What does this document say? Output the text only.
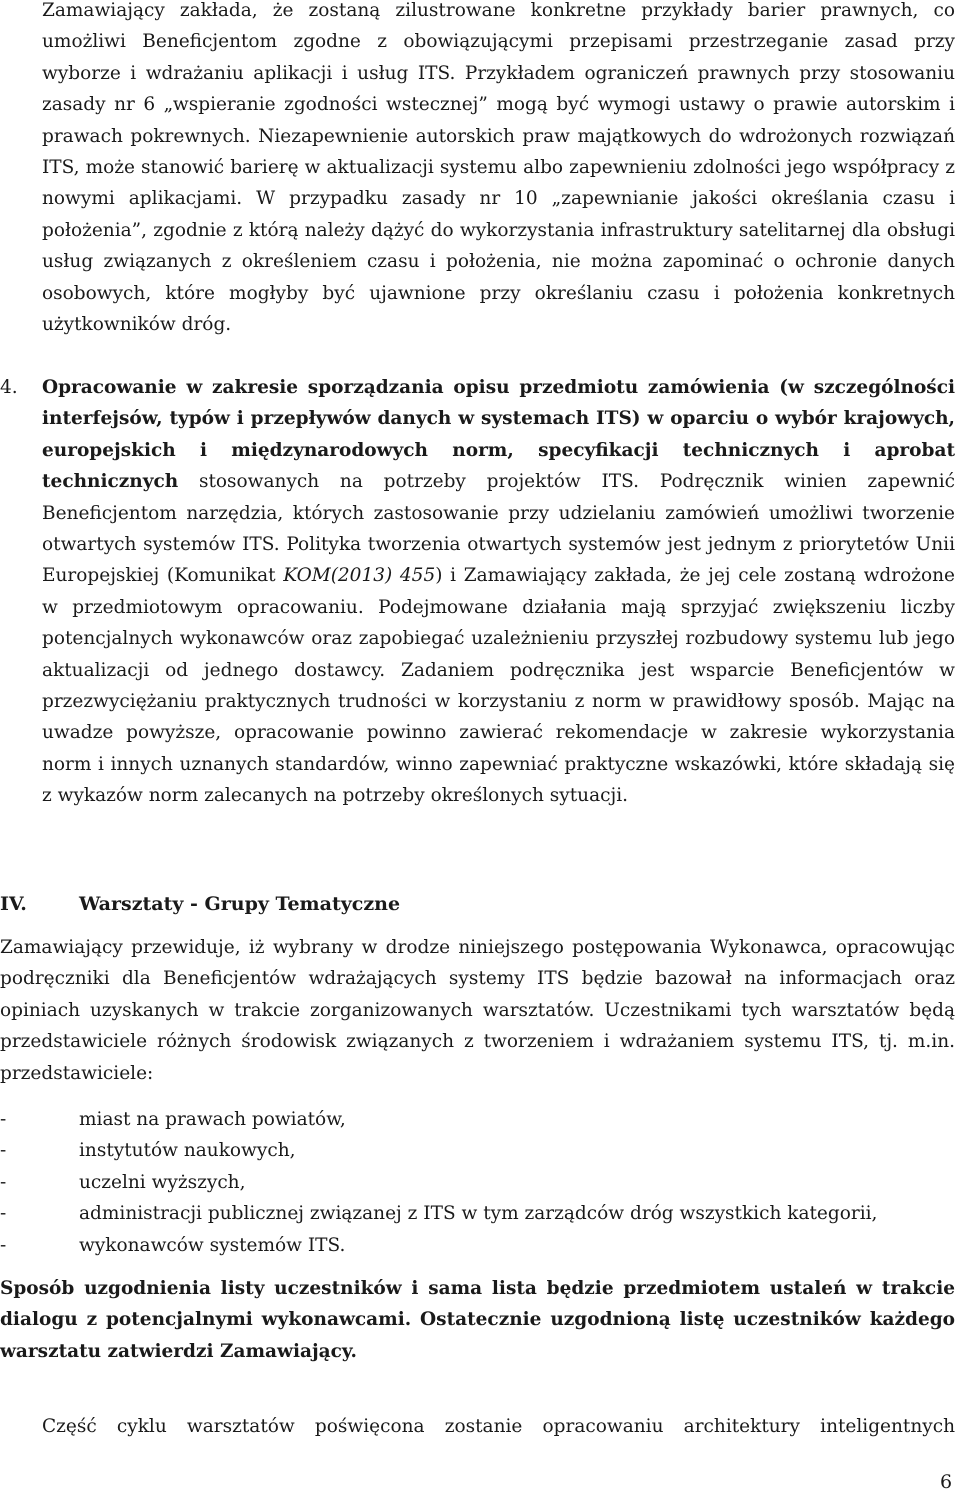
Zamawiający zakłada, że zostaną zilustrowane konkretne przykłady barier prawnych, co umożliwi Beneficjentom zgodne z obowiązującymi przepisami przestrzeganie zasad przy wyborze i wdrażaniu aplikacji i usług ITS. Przykładem ograniczeń prawnych przy stosowaniu zasady nr 6 „wspieranie zgodności wstecznej” mogą być wymogi ustawy o prawie autorskim i prawach pokrewnych. Niezapewnienie autorskich praw majątkowych do wdrożonych rozwiązań ITS, może stanowić barierę w aktualizacji systemu albo zapewnieniu zdolności jego współpracy z nowymi aplikacjami. W przypadku zasady nr 10 „zapewnianie jakości określania czasu i położenia”, zgodnie z którą należy dążyć do wykorzystania infrastruktury satelitarnej dla obsługi usług związanych z określeniem czasu i położenia, nie można zapominać o ochronie danych osobowych, które mogłyby być ujawnione przy określaniu czasu i położenia konkretnych użytkowników dróg.

4. Opracowanie w zakresie sporządzania opisu przedmiotu zamówienia (w szczególności interfejsów, typów i przepływów danych w systemach ITS) w oparciu o wybór krajowych, europejskich i międzynarodowych norm, specyfikacji technicznych i aprobat technicznych stosowanych na potrzeby projektów ITS. Podręcznik winien zapewnić Beneficjentom narzędzia, których zastosowanie przy udzielaniu zamówień umożliwi tworzenie otwartych systemów ITS. Polityka tworzenia otwartych systemów jest jednym z priorytetów Unii Europejskiej (Komunikat KOM(2013) 455) i Zamawiający zakłada, że jej cele zostaną wdrożone w przedmiotowym opracowaniu. Podejmowane działania mają sprzyjać zwiększeniu liczby potencjalnych wykonawców oraz zapobiegać uzależnieniu przyszłej rozbudowy systemu lub jego aktualizacji od jednego dostawcy. Zadaniem podręcznika jest wsparcie Beneficjentów w przezwyciężaniu praktycznych trudności w korzystaniu z norm w prawidłowy sposób. Mając na uwadze powyższe, opracowanie powinno zawierać rekomendacje w zakresie wykorzystania norm i innych uznanych standardów, winno zapewniać praktyczne wskazówki, które składają się z wykazów norm zalecanych na potrzeby określonych sytuacji.

IV.	Warsztaty - Grupy Tematyczne

Zamawiający przewiduje, iż wybrany w drodze niniejszego postępowania Wykonawca, opracowując podręczniki dla Beneficjentów wdrażających systemy ITS będzie bazował na informacjach oraz opiniach uzyskanych w trakcie zorganizowanych warsztatów. Uczestnikami tych warsztatów będą przedstawiciele różnych środowisk związanych z tworzeniem i wdrażaniem systemu ITS, tj. m.in. przedstawiciele:

-	miast na prawach powiatów,
-	instytutów naukowych,
-	uczelni wyższych,
-	administracji publicznej związanej z ITS w tym zarządców dróg wszystkich kategorii,
-	wykonawców systemów ITS.

Sposób uzgodnienia listy uczestników i sama lista będzie przedmiotem ustaleń w trakcie dialogu z potencjalnymi wykonawcami. Ostatecznie uzgodnioną listę uczestników każdego warsztatu zatwierdzi Zamawiający.

Część cyklu warsztatów poświęcona zostanie opracowaniu architektury inteligentnych

6
